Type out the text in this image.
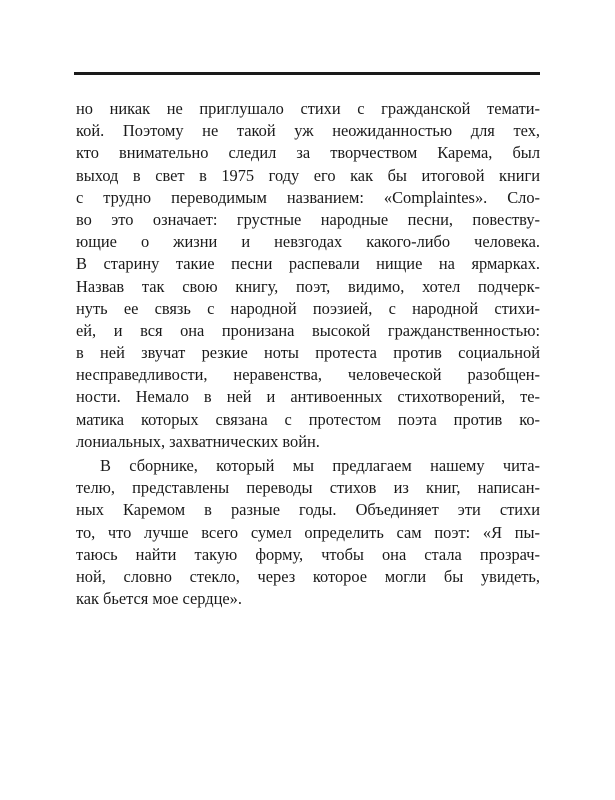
но никак не приглушало стихи с гражданской темати-
кой. Поэтому не такой уж неожиданностью для тех,
кто внимательно следил за творчеством Карема, был
выход в свет в 1975 году его как бы итоговой книги
с трудно переводимым названием: «Complaintes». Сло-
во это означает: грустные народные песни, повеству-
ющие о жизни и невзгодах какого-либо человека.
В старину такие песни распевали нищие на ярмарках.
Назвав так свою книгу, поэт, видимо, хотел подчерк-
нуть ее связь с народной поэзией, с народной стихи-
ей, и вся она пронизана высокой гражданственностью:
в ней звучат резкие ноты протеста против социальной
несправедливости, неравенства, человеческой разобщен-
ности. Немало в ней и антивоенных стихотворений, те-
матика которых связана с протестом поэта против ко-
лониальных, захватнических войн.
В сборнике, который мы предлагаем нашему чита-
телю, представлены переводы стихов из книг, написан-
ных Каремом в разные годы. Объединяет эти стихи
то, что лучше всего сумел определить сам поэт: «Я пы-
таюсь найти такую форму, чтобы она стала прозрач-
ной, словно стекло, через которое могли бы увидеть,
как бьется мое сердце».
